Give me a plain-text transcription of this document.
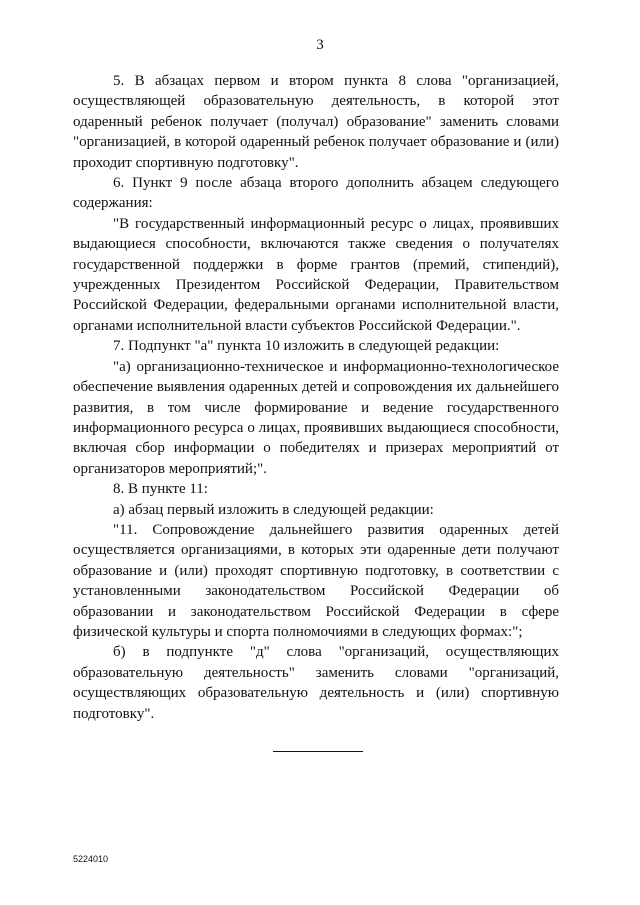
3

5. В абзацах первом и втором пункта 8 слова "организацией, осуществляющей образовательную деятельность, в которой этот одаренный ребенок получает (получал) образование" заменить словами "организацией, в которой одаренный ребенок получает образование и (или) проходит спортивную подготовку".

6. Пункт 9 после абзаца второго дополнить абзацем следующего содержания:

"В государственный информационный ресурс о лицах, проявивших выдающиеся способности, включаются также сведения о получателях государственной поддержки в форме грантов (премий, стипендий), учрежденных Президентом Российской Федерации, Правительством Российской Федерации, федеральными органами исполнительной власти, органами исполнительной власти субъектов Российской Федерации.".

7. Подпункт "а" пункта 10 изложить в следующей редакции:

"а) организационно-техническое и информационно-технологическое обеспечение выявления одаренных детей и сопровождения их дальнейшего развития, в том числе формирование и ведение государственного информационного ресурса о лицах, проявивших выдающиеся способности, включая сбор информации о победителях и призерах мероприятий от организаторов мероприятий;".

8. В пункте 11:

а) абзац первый изложить в следующей редакции:

"11. Сопровождение дальнейшего развития одаренных детей осуществляется организациями, в которых эти одаренные дети получают образование и (или) проходят спортивную подготовку, в соответствии с установленными законодательством Российской Федерации об образовании и законодательством Российской Федерации в сфере физической культуры и спорта полномочиями в следующих формах:";

б) в подпункте "д" слова "организаций, осуществляющих образовательную деятельность" заменить словами "организаций, осуществляющих образовательную деятельность и (или) спортивную подготовку".

5224010
